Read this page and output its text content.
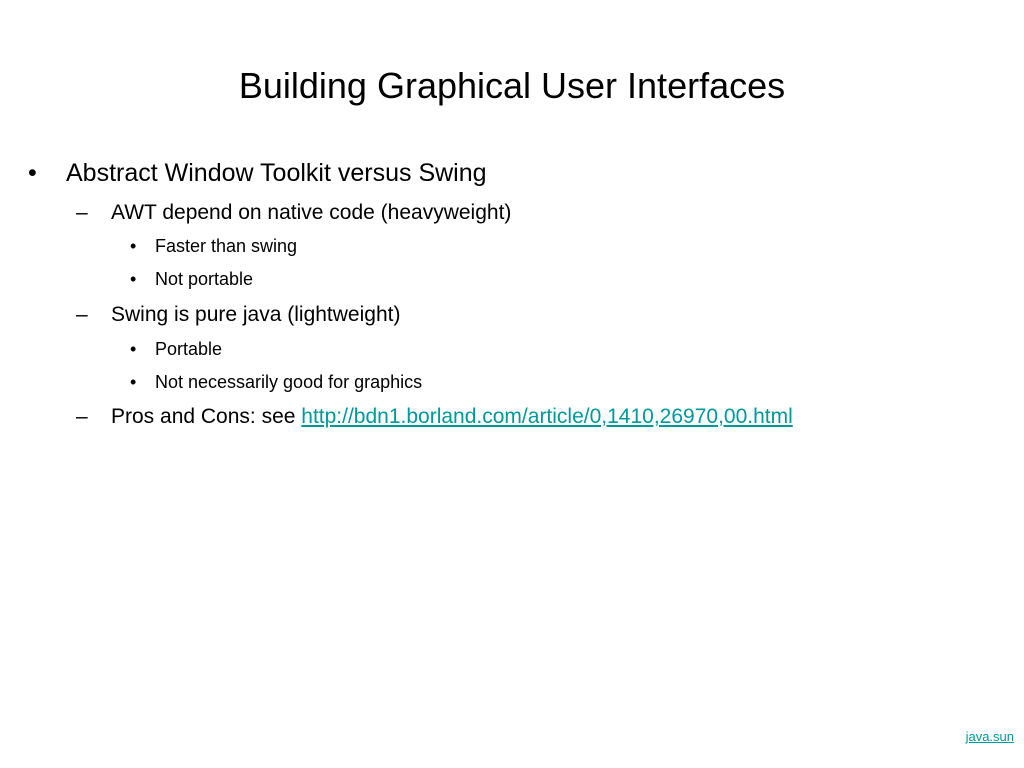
Building Graphical User Interfaces
• Abstract Window Toolkit versus Swing
– AWT depend on native code (heavyweight)
• Faster than swing
• Not portable
– Swing is pure java (lightweight)
• Portable
• Not necessarily good for graphics
– Pros and Cons: see http://bdn1.borland.com/article/0,1410,26970,00.html
java.sun
